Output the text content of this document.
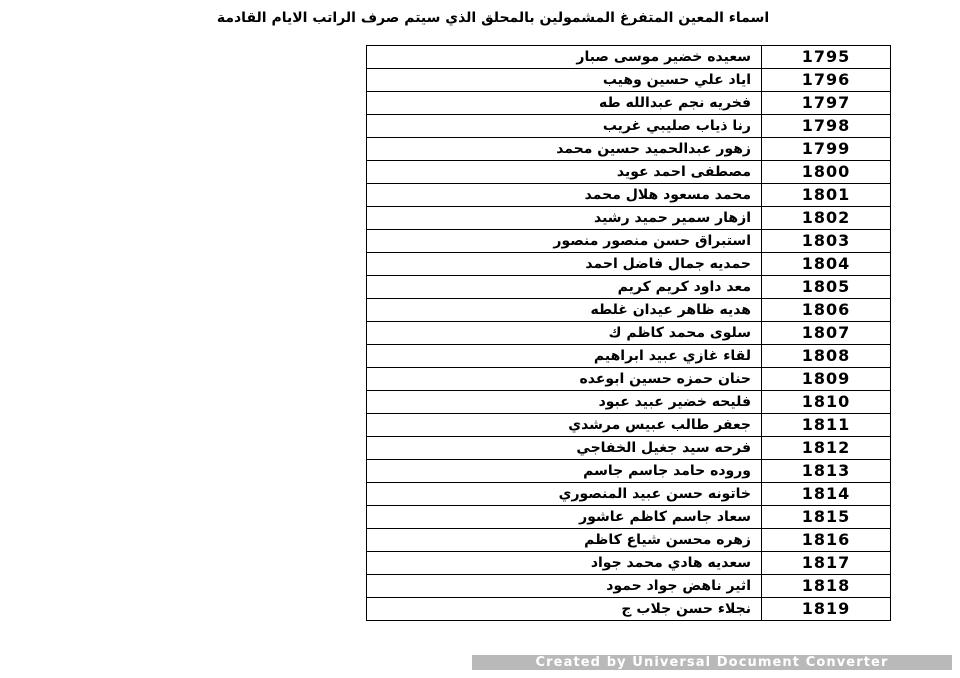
اسماء المعين المتفرغ المشمولين بالمحلق الذي سيتم صرف الراتب الايام القادمة
سعيده خضير موسى صبار	1795
اياد علي حسين وهيب	1796
فخريه نجم عبدالله طه	1797
رنا ذياب صليبي غريب	1798
زهور عبدالحميد حسين محمد	1799
مصطفى احمد عويد	1800
محمد مسعود هلال محمد	1801
ازهار سمير حميد رشيد	1802
استبراق حسن منصور منصور	1803
حمديه جمال فاضل احمد	1804
معد داود كريم كريم	1805
هديه ظاهر عيدان غلطه	1806
سلوى محمد كاظم ك	1807
لقاء غازي عبيد ابراهيم	1808
حنان حمزه حسين ابوعده	1809
فليحه خضير عبيد عبود	1810
جعفر طالب عبيس مرشدي	1811
فرحه سيد جغيل الخفاجي	1812
وروده حامد جاسم جاسم	1813
خاتونه حسن عبيد المنصوري	1814
سعاد جاسم كاظم عاشور	1815
زهره محسن شياع كاظم	1816
سعديه هادي محمد جواد	1817
اثير ناهض جواد حمود	1818
نجلاء حسن جلاب ج	1819
Created by Universal Document Converter
